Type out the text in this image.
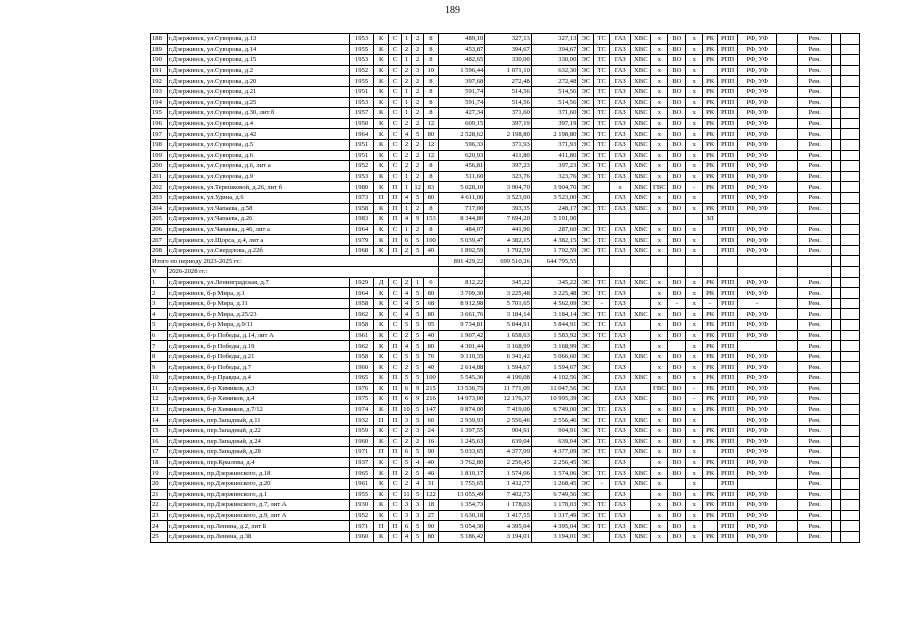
189
188	г.Дзержинск, ул.Суворова, д.13	1953	К	С	1	2	8	489,10	327,13	327,13	ЭС	ТС	ГАЗ	ХВС	х	ВО	х	РК	РПП	РФ, УФ		Рем.		
189	г.Дзержинск, ул.Суворова, д.14	1955	К	С	2	2	8	453,87	394,67	394,67	ЭС	ТС	ГАЗ	ХВС	х	ВО	х	РК	РПП	РФ, УФ		Рем.		
190	г.Дзержинск, ул.Суворова, д.15	1953	К	С	1	2	8	482,65	330,00	330,00	ЭС	ТС	ГАЗ	ХВС	х	ВО	х	РК	РПП	РФ, УФ		Рем.		
191	г.Дзержинск, ул.Суворова, д.2	1952	К	С	2	3	10	1 596,44	1 071,10	632,30	ЭС	ТС	ГАЗ	ХВС	х	ВО	х		РПП	РФ, УФ		Рем.		
192	г.Дзержинск, ул.Суворова, д.20	1955	К	С	2	2	8	397,68	272,48	272,48	ЭС	ТС	ГАЗ	ХВС	х	ВО	х	РК	РПП	РФ, УФ		Рем.		
193	г.Дзержинск, ул.Суворова, д.21	1951	К	С	1	2	8	591,74	514,56	514,56	ЭС	ТС	ГАЗ	ХВС	х	ВО	х	РК	РПП	РФ, УФ		Рем.		
194	г.Дзержинск, ул.Суворова, д.25	1953	К	С	1	2	8	591,74	514,56	514,56	ЭС	ТС	ГАЗ	ХВС	х	ВО	х	РК	РПП	РФ, УФ		Рем.		
195	г.Дзержинск, ул.Суворова, д.30, лит б	1957	К	С	1	2	8	427,34	371,60	371,60	ЭС	ТС	ГАЗ	ХВС	х	ВО	х	РК	РПП	РФ, УФ		Рем.		
196	г.Дзержинск, ул.Суворова, д.4	1950	К	С	2	2	12	609,15	397,19	397,19	ЭС	ТС	ГАЗ	ХВС	х	ВО	х	РК	РПП	РФ, УФ		Рем.		
197	г.Дзержинск, ул.Суворова, д.42	1964	К	С	4	5	80	2 528,62	2 198,80	2 198,80	ЭС	ТС	ГАЗ	ХВС	х	ВО	х	РК	РПП	РФ, УФ		Рем.		
198	г.Дзержинск, ул.Суворова, д.5	1951	К	С	2	2	12	596,33	371,93	371,93	ЭС	ТС	ГАЗ	ХВС	х	ВО	х	РК	РПП	РФ, УФ		Рем.		
199	г.Дзержинск, ул.Суворова, д.6	1951	К	С	2	2	12	620,93	411,80	411,80	ЭС	ТС	ГАЗ	ХВС	х	ВО	х	РК	РПП	РФ, УФ		Рем.		
200	г.Дзержинск, ул.Суворова, д.6, лит а	1952	К	С	2	2	8	456,81	397,23	397,23	ЭС	ТС	ГАЗ	ХВС	х	ВО	х	РК	РПП	РФ, УФ		Рем.		
201	г.Дзержинск, ул.Суворова, д.9	1953	К	С	1	2	8	511,60	323,76	323,76	ЭС	ТС	ГАЗ	ХВС	х	ВО	х	РК	РПП	РФ, УФ		Рем.		
202	г.Дзержинск, ул.Терешковой, д.26, лит б	1980	К	П	1	12	83	5 028,10	3 904,70	3 904,70	ЭС		х	ХВС	ГВС	ВО	-	РК	РПП	РФ, УФ		Рем.		
203	г.Дзержинск, ул.Удина, д.6	1973	П	П	4	5	80	4 611,00	3 523,00	3 523,00	ЭС		ГАЗ	ХВС	х	ВО	х		РПП	РФ, УФ		Рем.		
204	г.Дзержинск, ул.Чапаева, д.58	1958	К	П	1	2	8	717,00	393,35	248,17	ЭС	ТС	ГАЗ	ХВС	х	ВО	х	РК	РПП	РФ, УФ		Рем.		
205	г.Дзержинск, ул.Чапаева, д.26	1983	К	П	4	9	153	8 344,80	7 694,20	5 101,90								ЗЛ						
206	г.Дзержинск, ул.Чапаева, д.46, лит а	1964	К	С	1	2	8	484,07	441,90	287,60	ЭС	ТС	ГАЗ	ХВС	х	ВО	х		РПП	РФ, УФ		Рем.		
207	г.Дзержинск, ул.Щорса, д.4, лит а	1979	К	П	6	5	100	5 039,47	4 382,15	4 382,15	ЭС	ТС	ГАЗ	ХВС	х	ВО	х		РПП	РФ, УФ		Рем.		
208	г.Дзержинск, ул.Свердлова, д.22б	1968	К	П	2	5	40	1 892,59	1 792,59	1 792,59	ЭС	ТС	ГАЗ	ХВС	х	ВО	х		РПП	РФ, УФ		Рем.		
Итого по периоду 2023-2025 гг.:								891 429,22	699 510,26	644 795,55														
V	2026-2028 гг.:																							
1	г.Дзержинск, ул.Ленинградская, д.7	1929	Д	С	2	1	6	812,22	345,22	345,22	ЭС	ТС	ГАЗ	ХВС	х	ВО	х	РК	РПП	РФ, УФ		Рем.		
2	г.Дзержинск, б-р Мира, д.1	1964	К	С	4	5	80	3 709,30	3 225,48	3 225,48	ЭС	ТС	ГАЗ		х	ВО	х	РК	РПП	РФ, УФ		Рем.		
3	г.Дзержинск, б-р Мира, д.11	1958	К	С	4	5	68	8 912,98	5 701,65	4 562,09	ЭС	-	ГАЗ		х	-	х	-	РПП	-		Рем.		
4	г.Дзержинск, б-р Мира, д.25/23	1962	К	С	4	5	80	3 661,76	3 184,14	3 184,14	ЭС	ТС	ГАЗ	ХВС	х	ВО	х	РК	РПП	РФ, УФ		Рем.		
5	г.Дзержинск, б-р Мира, д.9/11	1958	К	С	5	5	95	9 734,81	5 844,91	5 844,91	ЭС	ТС	ГАЗ		х	ВО	х	РК	РПП	РФ, УФ		Рем.		
6	г.Дзержинск, б-р Победы, д.14, лит А	1961	К	С	2	5	40	1 907,42	1 658,63	1 583,92	ЭС	ТС	ГАЗ		х	ВО	х	РК	РПП	РФ, УФ		Рем.		
7	г.Дзержинск, б-р Победы, д.19	1962	К	П	4	5	80	4 301,44	3 168,99	3 168,99	ЭС		ГАЗ		х		х	РК	РПП			Рем.		
8	г.Дзержинск, б-р Победы, д.21	1958	К	С	5	5	76	9 110,35	6 341,42	5 066,60	ЭС		ГАЗ	ХВС	х	ВО	х	РК	РПП	РФ, УФ		Рем.		
9	г.Дзержинск, б-р Победы, д.7	1960	К	С	2	5	40	2 614,88	1 594,67	1 594,67	ЭС		ГАЗ		х	ВО	х	РК	РПП	РФ, УФ		Рем.		
10	г.Дзержинск, б-р Правды, д.4	1965	К	П	5	5	100	5 545,36	4 196,08	4 102,56	ЭС		ГАЗ	ХВС	х	ВО	х	РК	РПП	РФ, УФ		Рем.		
11	г.Дзержинск, б-р Химиков, д.3	1976	К	П	6	9	215	13 536,75	11 771,09	11 047,56	ЭС		ГАЗ		ГВС	ВО	-	РК	РПП	РФ, УФ		Рем.		
12	г.Дзержинск, б-р Химиков, д.4	1975	К	П	6	9	216	14 973,00	12 176,37	10 995,39	ЭС		ГАЗ	ХВС		ВО	-	РК	РПП	РФ, УФ		Рем.		
13	г.Дзержинск, б-р Химиков, д.7/12	1974	К	П	10	5	147	9 874,00	7 419,00	6 749,00	ЭС	ТС	ГАЗ		х	ВО	х	РК	РПП	РФ, УФ		Рем.		
14	г.Дзержинск, пер.Западный, д.11	1932	П	П	3	5	60	2 939,93	2 556,46	2 556,46	ЭС	ТС	ГАЗ	ХВС	х	ВО	х			РФ, УФ		Рем.		
15	г.Дзержинск, пер.Западный, д.22	1959	К	С	2	3	24	1 397,55	904,91	904,91	ЭС	ТС	ГАЗ	ХВС	х	ВО	х	РК	РПП	РФ, УФ		Рем.		
16	г.Дзержинск, пер.Западный, д.24	1960	К	С	2	2	16	1 245,63	639,04	639,04	ЭС	ТС	ГАЗ	ХВС	х	ВО	х	РК	РПП	РФ, УФ		Рем.		
17	г.Дзержинск, пер.Западный, д.28	1971	П	П	6	5	90	5 033,65	4 377,09	4 377,09	ЭС	ТС	ГАЗ	ХВС	х	ВО	х		РПП	РФ, УФ		Рем.		
18	г.Дзержинск, пер.Крылова, д.4	1937	К	С	5	4	40	3 762,80	2 256,45	2 256,45	ЭС		ГАЗ		х	ВО	х	РК	РПП	РФ, УФ		Рем.		
19	г.Дзержинск, пр.Дзержинского, д.18	1965	К	П	2	5	40	1 810,17	1 574,06	1 574,06	ЭС	ТС	ГАЗ	ХВС	х	ВО	х	РК	РПП	РФ, УФ		Рем.		
20	г.Дзержинск, пр.Дзержинского, д.20	1961	К	С	2	4	31	1 755,65	1 432,77	1 268,45	ЭС	-	ГАЗ	ХВС	х		х		РПП			Рем.		
21	г.Дзержинск, пр.Дзержинского, д.1	1955	К	С	11	5	122	13 055,49	7 402,73	6 749,56	ЭС		ГАЗ		х	ВО	х	РК	РПП	РФ, УФ		Рем.		
22	г.Дзержинск, пр.Дзержинского, д.7, лит А	1930	К	С	3	3	18	1 354,73	1 178,03	1 178,03	ЭС	ТС	ГАЗ		х	ВО	х	РК	РПП	РФ, УФ		Рем.		
23	г.Дзержинск, пр.Дзержинского, д.9, лит А	1952	К	С	3	3	27	1 630,18	1 417,55	1 317,49	ЭС	ТС	ГАЗ		х	ВО	х	РК	РПП	РФ, УФ		Рем.		
24	г.Дзержинск, пр.Ленина, д.2, лит Б	1971	П	П	6	5	90	5 054,30	4 395,04	4 395,04	ЭС	ТС	ГАЗ	ХВС	х	ВО	х		РПП	РФ, УФ		Рем.		
25	г.Дзержинск, пр.Ленина, д.38	1960	К	С	4	5	80	5 186,42	3 194,01	3 194,01	ЭС		ГАЗ	ХВС	х	ВО	х	РК	РПП	РФ, УФ		Рем.		
